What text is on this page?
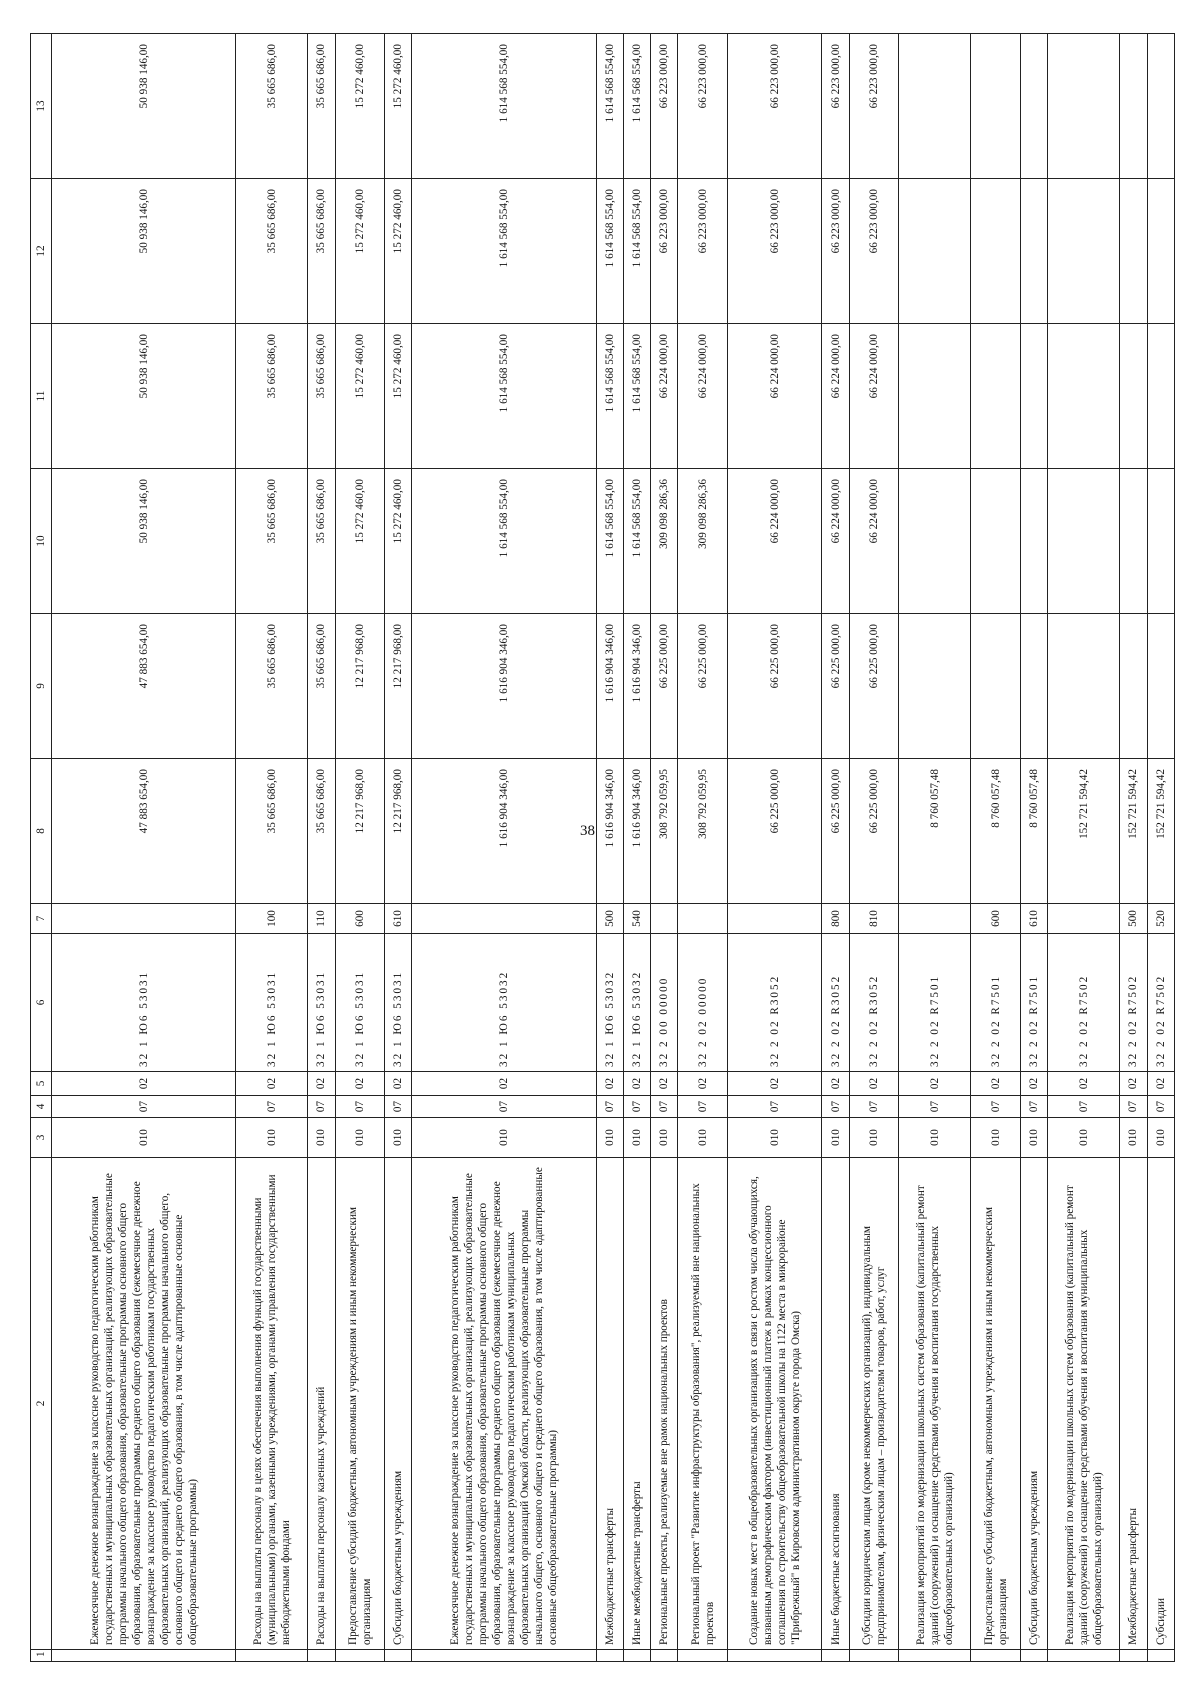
38
1	2	3	4	5	6	7	8	9	10	11	12	13
	Ежемесячное денежное вознаграждение за классное руководство педагогическим работникам государственных и муниципальных образовательных организаций, реализующих образовательные программы начального общего образования, образовательные программы основного общего образования, образовательные программы среднего общего образования (ежемесячное денежное вознаграждение за классное руководство педагогическим работникам государственных образовательных организаций, реализующих образовательные программы начального общего, основного общего и среднего общего образования, в том числе адаптированные основные общеобразовательные программы)	010	07	02	32 1 Ю6 53031		47 883 654,00	47 883 654,00	50 938 146,00	50 938 146,00	50 938 146,00	50 938 146,00
	Расходы на выплаты персоналу в целях обеспечения выполнения функций государственными (муниципальными) органами, казенными учреждениями, органами управления государственными внебюджетными фондами	010	07	02	32 1 Ю6 53031	100	35 665 686,00	35 665 686,00	35 665 686,00	35 665 686,00	35 665 686,00	35 665 686,00
	Расходы на выплаты персоналу казенных учреждений	010	07	02	32 1 Ю6 53031	110	35 665 686,00	35 665 686,00	35 665 686,00	35 665 686,00	35 665 686,00	35 665 686,00
	Предоставление субсидий бюджетным, автономным учреждениям и иным некоммерческим организациям	010	07	02	32 1 Ю6 53031	600	12 217 968,00	12 217 968,00	15 272 460,00	15 272 460,00	15 272 460,00	15 272 460,00
	Субсидии бюджетным учреждениям	010	07	02	32 1 Ю6 53031	610	12 217 968,00	12 217 968,00	15 272 460,00	15 272 460,00	15 272 460,00	15 272 460,00
	Ежемесячное денежное вознаграждение за классное руководство педагогическим работникам государственных и муниципальных образовательных организаций, реализующих образовательные программы начального общего образования, образовательные программы основного общего образования, образовательные программы среднего общего образования (ежемесячное денежное вознаграждение за классное руководство педагогическим работникам муниципальных образовательных организаций Омской области, реализующих образовательные программы начального общего, основного общего и среднего общего образования, в том числе адаптированные основные общеобразовательные программы)	010	07	02	32 1 Ю6 53032		1 616 904 346,00	1 616 904 346,00	1 614 568 554,00	1 614 568 554,00	1 614 568 554,00	1 614 568 554,00
	Межбюджетные трансферты	010	07	02	32 1 Ю6 53032	500	1 616 904 346,00	1 616 904 346,00	1 614 568 554,00	1 614 568 554,00	1 614 568 554,00	1 614 568 554,00
	Иные межбюджетные трансферты	010	07	02	32 1 Ю6 53032	540	1 616 904 346,00	1 616 904 346,00	1 614 568 554,00	1 614 568 554,00	1 614 568 554,00	1 614 568 554,00
	Региональные проекты, реализуемые вне рамок национальных проектов	010	07	02	32 2 00 00000		308 792 059,95	66 225 000,00	309 098 286,36	66 224 000,00	66 223 000,00	66 223 000,00
	Региональный проект "Развитие инфраструктуры образования", реализуемый вне национальных проектов	010	07	02	32 2 02 00000		308 792 059,95	66 225 000,00	309 098 286,36	66 224 000,00	66 223 000,00	66 223 000,00
	Создание новых мест в общеобразовательных организациях в связи с ростом числа обучающихся, вызванным демографическим фактором (инвестиционный платеж в рамках концессионного соглашения по строительству общеобразовательной школы на 1122 места в микрорайоне "Прибрежный" в Кировском административном округе города Омска)	010	07	02	32 2 02 R3052		66 225 000,00	66 225 000,00	66 224 000,00	66 224 000,00	66 223 000,00	66 223 000,00
	Иные бюджетные ассигнования	010	07	02	32 2 02 R3052	800	66 225 000,00	66 225 000,00	66 224 000,00	66 224 000,00	66 223 000,00	66 223 000,00
	Субсидии юридическим лицам (кроме некоммерческих организаций), индивидуальным предпринимателям, физическим лицам – производителям товаров, работ, услуг	010	07	02	32 2 02 R3052	810	66 225 000,00	66 225 000,00	66 224 000,00	66 224 000,00	66 223 000,00	66 223 000,00
	Реализация мероприятий по модернизации школьных систем образования (капитальный ремонт зданий (сооружений) и оснащение средствами обучения и воспитания государственных общеобразовательных организаций)	010	07	02	32 2 02 R7501		8 760 057,48					
	Предоставление субсидий бюджетным, автономным учреждениям и иным некоммерческим организациям	010	07	02	32 2 02 R7501	600	8 760 057,48					
	Субсидии бюджетным учреждениям	010	07	02	32 2 02 R7501	610	8 760 057,48					
	Реализация мероприятий по модернизации школьных систем образования (капитальный ремонт зданий (сооружений) и оснащение средствами обучения и воспитания муниципальных общеобразовательных организаций)	010	07	02	32 2 02 R7502		152 721 594,42					
	Межбюджетные трансферты	010	07	02	32 2 02 R7502	500	152 721 594,42					
	Субсидии	010	07	02	32 2 02 R7502	520	152 721 594,42					
